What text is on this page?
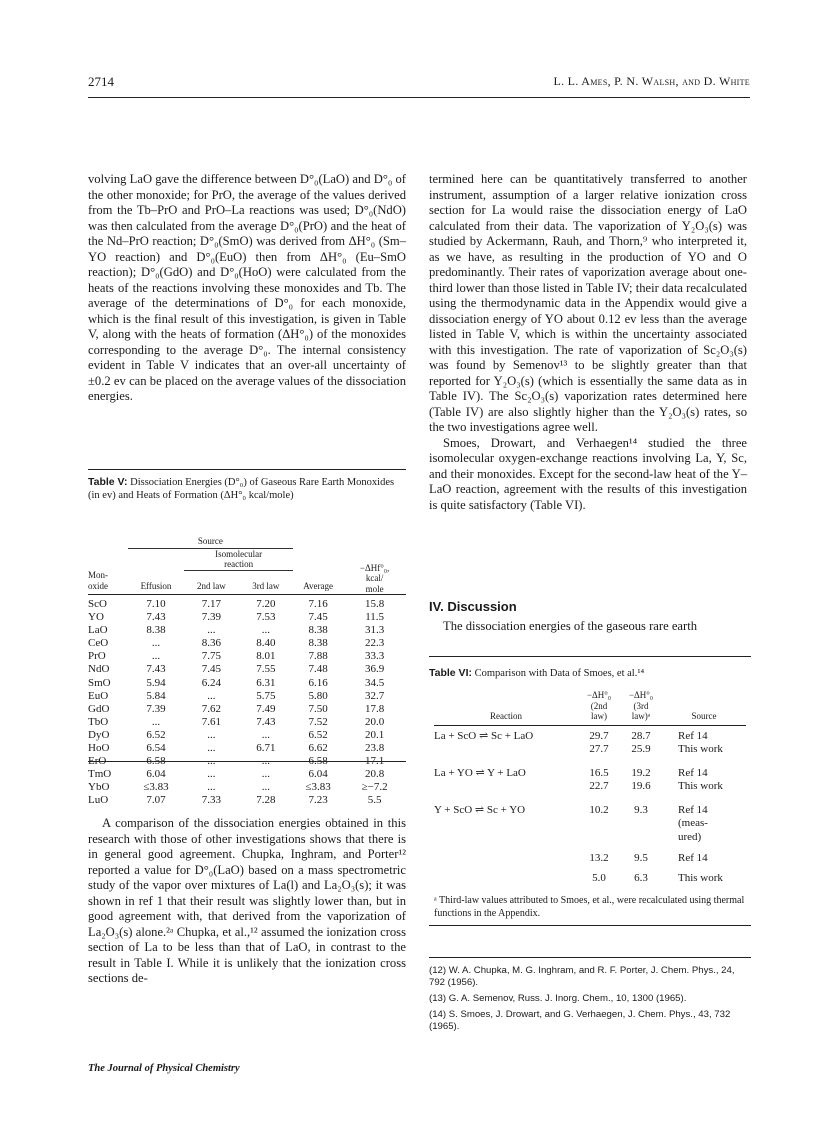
2714	L. L. Ames, P. N. Walsh, and D. White

volving LaO gave the difference between D°₀(LaO) and D°₀ of the other monoxide; for PrO, the average of the values derived from the Tb–PrO and PrO–La reactions was used; D°₀(NdO) was then calculated from the average D°₀(PrO) and the heat of the Nd–PrO reaction; D°₀(SmO) was derived from ΔH°₀ (Sm–YO reaction) and D°₀(EuO) then from ΔH°₀ (Eu–SmO reaction); D°₀(GdO) and D°₀(HoO) were calculated from the heats of the reactions involving these monoxides and Tb. The average of the determinations of D°₀ for each monoxide, which is the final result of this investigation, is given in Table V, along with the heats of formation (ΔH°₀) of the monoxides corresponding to the average D°₀. The internal consistency evident in Table V indicates that an over-all uncertainty of ±0.2 ev can be placed on the average values of the dissociation energies.

Table V: Dissociation Energies (D°₀) of Gaseous Rare Earth Monoxides (in ev) and Heats of Formation (ΔH°₀ kcal/mole)
	Source				
		Isomolecular			
		reaction			−ΔHf°₀,
kcal/
mole
Mon-
oxide	Effusion	2nd law	3rd law	Average	

ScO	7.10	7.17	7.20	7.16	15.8
YO	7.43	7.39	7.53	7.45	11.5
LaO	8.38	...	...	8.38	31.3
CeO	...	8.36	8.40	8.38	22.3
PrO	...	7.75	8.01	7.88	33.3
NdO	7.43	7.45	7.55	7.48	36.9
SmO	5.94	6.24	6.31	6.16	34.5
EuO	5.84	...	5.75	5.80	32.7
GdO	7.39	7.62	7.49	7.50	17.8
TbO	...	7.61	7.43	7.52	20.0
DyO	6.52	...	...	6.52	20.1
HoO	6.54	...	6.71	6.62	23.8
ErO	6.58	...	...	6.58	17.1
TmO	6.04	...	...	6.04	20.8
YbO	≤3.83	...	...	≤3.83	≥−7.2
LuO	7.07	7.33	7.28	7.23	5.5

A comparison of the dissociation energies obtained in this research with those of other investigations shows that there is in general good agreement. Chupka, Inghram, and Porter¹² reported a value for D°₀(LaO) based on a mass spectrometric study of the vapor over mixtures of La(l) and La₂O₃(s); it was shown in ref 1 that their result was slightly lower than, but in good agreement with, that derived from the vaporization of La₂O₃(s) alone.²ᵃ Chupka, et al.,¹² assumed the ionization cross section of La to be less than that of LaO, in contrast to the result in Table I. While it is unlikely that the ionization cross sections de-

termined here can be quantitatively transferred to another instrument, assumption of a larger relative ionization cross section for La would raise the dissociation energy of LaO calculated from their data. The vaporization of Y₂O₃(s) was studied by Ackermann, Rauh, and Thorn,⁹ who interpreted it, as we have, as resulting in the production of YO and O predominantly. Their rates of vaporization average about one-third lower than those listed in Table IV; their data recalculated using the thermodynamic data in the Appendix would give a dissociation energy of YO about 0.12 ev less than the average listed in Table V, which is within the uncertainty associated with this investigation. The rate of vaporization of Sc₂O₃(s) was found by Semenov¹³ to be slightly greater than that reported for Y₂O₃(s) (which is essentially the same data as in Table IV). The Sc₂O₃(s) vaporization rates determined here (Table IV) are also slightly higher than the Y₂O₃(s) rates, so the two investigations agree well.

Smoes, Drowart, and Verhaegen¹⁴ studied the three isomolecular oxygen-exchange reactions involving La, Y, Sc, and their monoxides. Except for the second-law heat of the Y–LaO reaction, agreement with the results of this investigation is quite satisfactory (Table VI).

IV. Discussion

The dissociation energies of the gaseous rare earth

Table VI: Comparison with Data of Smoes, et al.¹⁴
Reaction	−ΔH°₀
(2nd
law)	−ΔH°₀
(3rd
law)ᵃ	Source

La + ScO ⇌ Sc + LaO	29.7	28.7	Ref 14
	27.7	25.9	This work
La + YO ⇌ Y + LaO	16.5	19.2	Ref 14
	22.7	19.6	This work
Y + ScO ⇌ Sc + YO	10.2	9.3	Ref 14
(meas-
ured)
	13.2	9.5	Ref 14
	5.0	6.3	This work
ᵃ Third-law values attributed to Smoes, et al., were recalculated using thermal functions in the Appendix.

(12) W. A. Chupka, M. G. Inghram, and R. F. Porter, J. Chem. Phys., 24, 792 (1956).

(13) G. A. Semenov, Russ. J. Inorg. Chem., 10, 1300 (1965).

(14) S. Smoes, J. Drowart, and G. Verhaegen, J. Chem. Phys., 43, 732 (1965).

The Journal of Physical Chemistry
